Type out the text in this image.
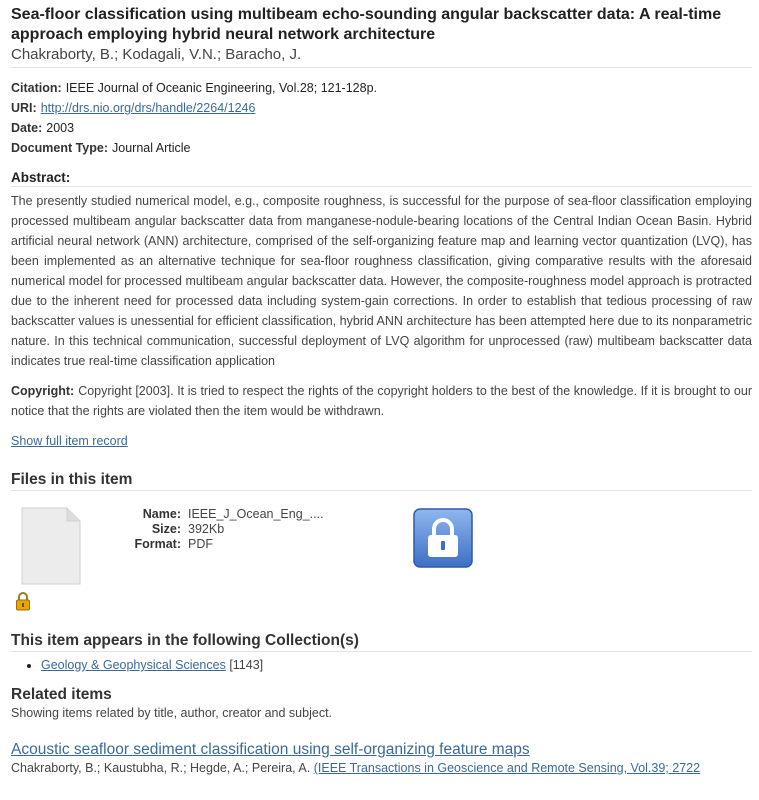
Sea-floor classification using multibeam echo-sounding angular backscatter data: A real-time approach employing hybrid neural network architecture
Chakraborty, B.; Kodagali, V.N.; Baracho, J.
Citation: IEEE Journal of Oceanic Engineering, Vol.28; 121-128p.
URI: http://drs.nio.org/drs/handle/2264/1246
Date: 2003
Document Type: Journal Article
Abstract:
The presently studied numerical model, e.g., composite roughness, is successful for the purpose of sea-floor classification employing processed multibeam angular backscatter data from manganese-nodule-bearing locations of the Central Indian Ocean Basin. Hybrid artificial neural network (ANN) architecture, comprised of the self-organizing feature map and learning vector quantization (LVQ), has been implemented as an alternative technique for sea-floor roughness classification, giving comparative results with the aforesaid numerical model for processed multibeam angular backscatter data. However, the composite-roughness model approach is protracted due to the inherent need for processed data including system-gain corrections. In order to establish that tedious processing of raw backscatter values is unessential for efficient classification, hybrid ANN architecture has been attempted here due to its nonparametric nature. In this technical communication, successful deployment of LVQ algorithm for unprocessed (raw) multibeam backscatter data indicates true real-time classification application
Copyright: Copyright [2003]. It is tried to respect the rights of the copyright holders to the best of the knowledge. If it is brought to our notice that the rights are violated then the item would be withdrawn.
Show full item record
Files in this item
Name: IEEE_J_Ocean_Eng_....
Size: 392Kb
Format: PDF
This item appears in the following Collection(s)
• Geology & Geophysical Sciences [1143]
Related items
Showing items related by title, author, creator and subject.
Acoustic seafloor sediment classification using self-organizing feature maps
Chakraborty, B.; Kaustubha, R.; Hegde, A.; Pereira, A. (IEEE Transactions in Geoscience and Remote Sensing, Vol.39; 2722
